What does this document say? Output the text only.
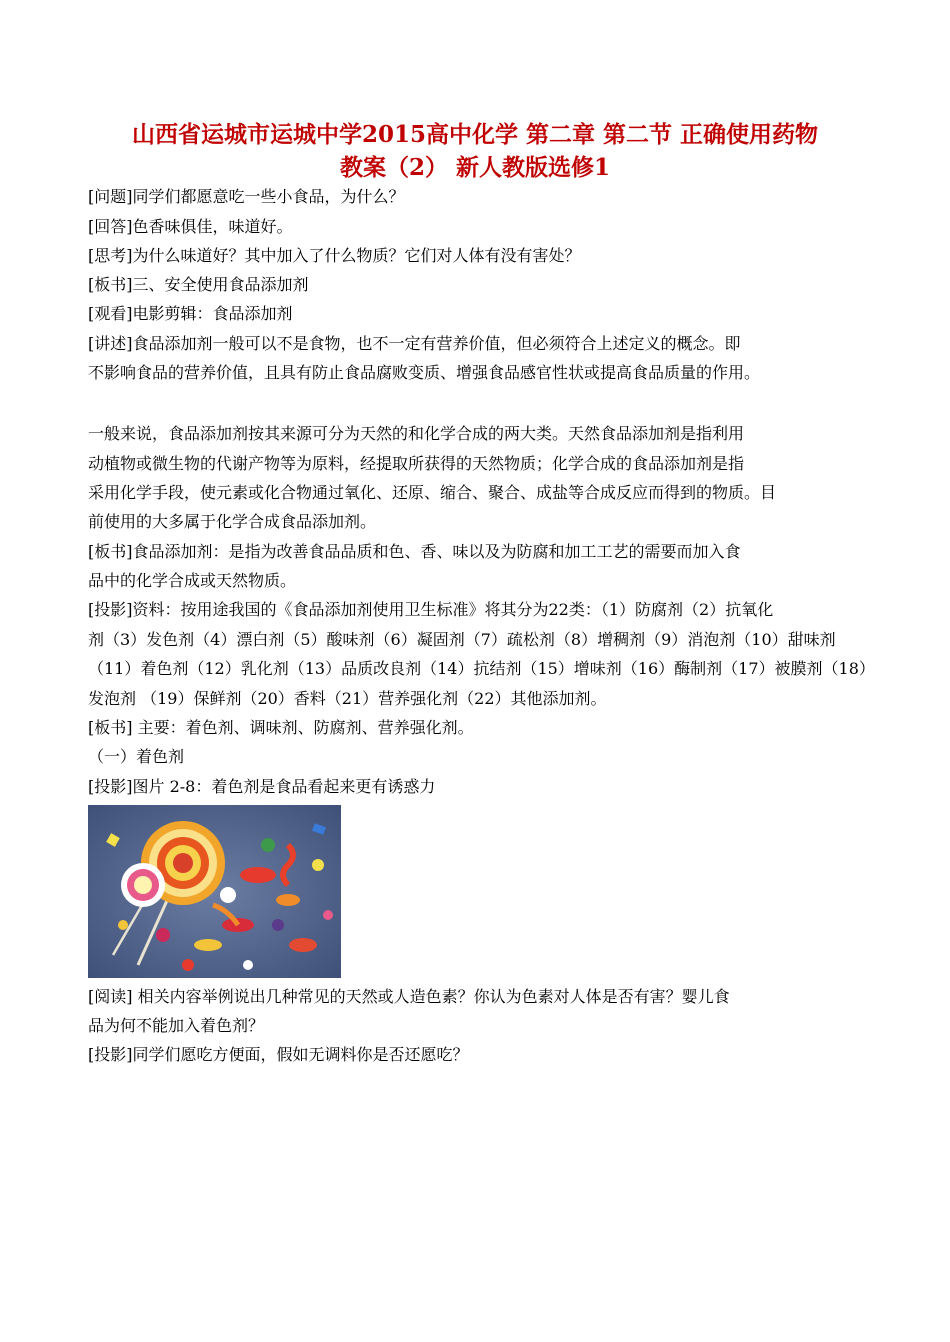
山西省运城市运城中学2015高中化学 第二章 第二节 正确使用药物
教案（2） 新人教版选修1
[问题]同学们都愿意吃一些小食品，为什么？
[回答]色香味俱佳，味道好。
[思考]为什么味道好？其中加入了什么物质？它们对人体有没有害处？
[板书]三、安全使用食品添加剂
[观看]电影剪辑：食品添加剂
[讲述]食品添加剂一般可以不是食物，也不一定有营养价值，但必须符合上述定义的概念。即
不影响食品的营养价值，且具有防止食品腐败变质、增强食品感官性状或提高食品质量的作用。
一般来说，食品添加剂按其来源可分为天然的和化学合成的两大类。天然食品添加剂是指利用
动植物或微生物的代谢产物等为原料，经提取所获得的天然物质；化学合成的食品添加剂是指
采用化学手段，使元素或化合物通过氧化、还原、缩合、聚合、成盐等合成反应而得到的物质。目
前使用的大多属于化学合成食品添加剂。
[板书]食品添加剂：是指为改善食品品质和色、香、味以及为防腐和加工工艺的需要而加入食
品中的化学合成或天然物质。
[投影]资料：按用途我国的《食品添加剂使用卫生标准》将其分为22类：（1）防腐剂（2）抗氧化
剂（3）发色剂（4）漂白剂（5）酸味剂（6）凝固剂（7）疏松剂（8）增稠剂（9）消泡剂（10）甜味剂
（11）着色剂（12）乳化剂（13）品质改良剂（14）抗结剂（15）增味剂（16）酶制剂（17）被膜剂（18）
发泡剂 （19）保鲜剂（20）香料（21）营养强化剂（22）其他添加剂。
[板书] 主要：着色剂、调味剂、防腐剂、营养强化剂。
（一）着色剂
[投影]图片 2-8：着色剂是食品看起来更有诱惑力
[阅读] 相关内容举例说出几种常见的天然或人造色素？你认为色素对人体是否有害？婴儿食
品为何不能加入着色剂？
[投影]同学们愿吃方便面，假如无调料你是否还愿吃？
